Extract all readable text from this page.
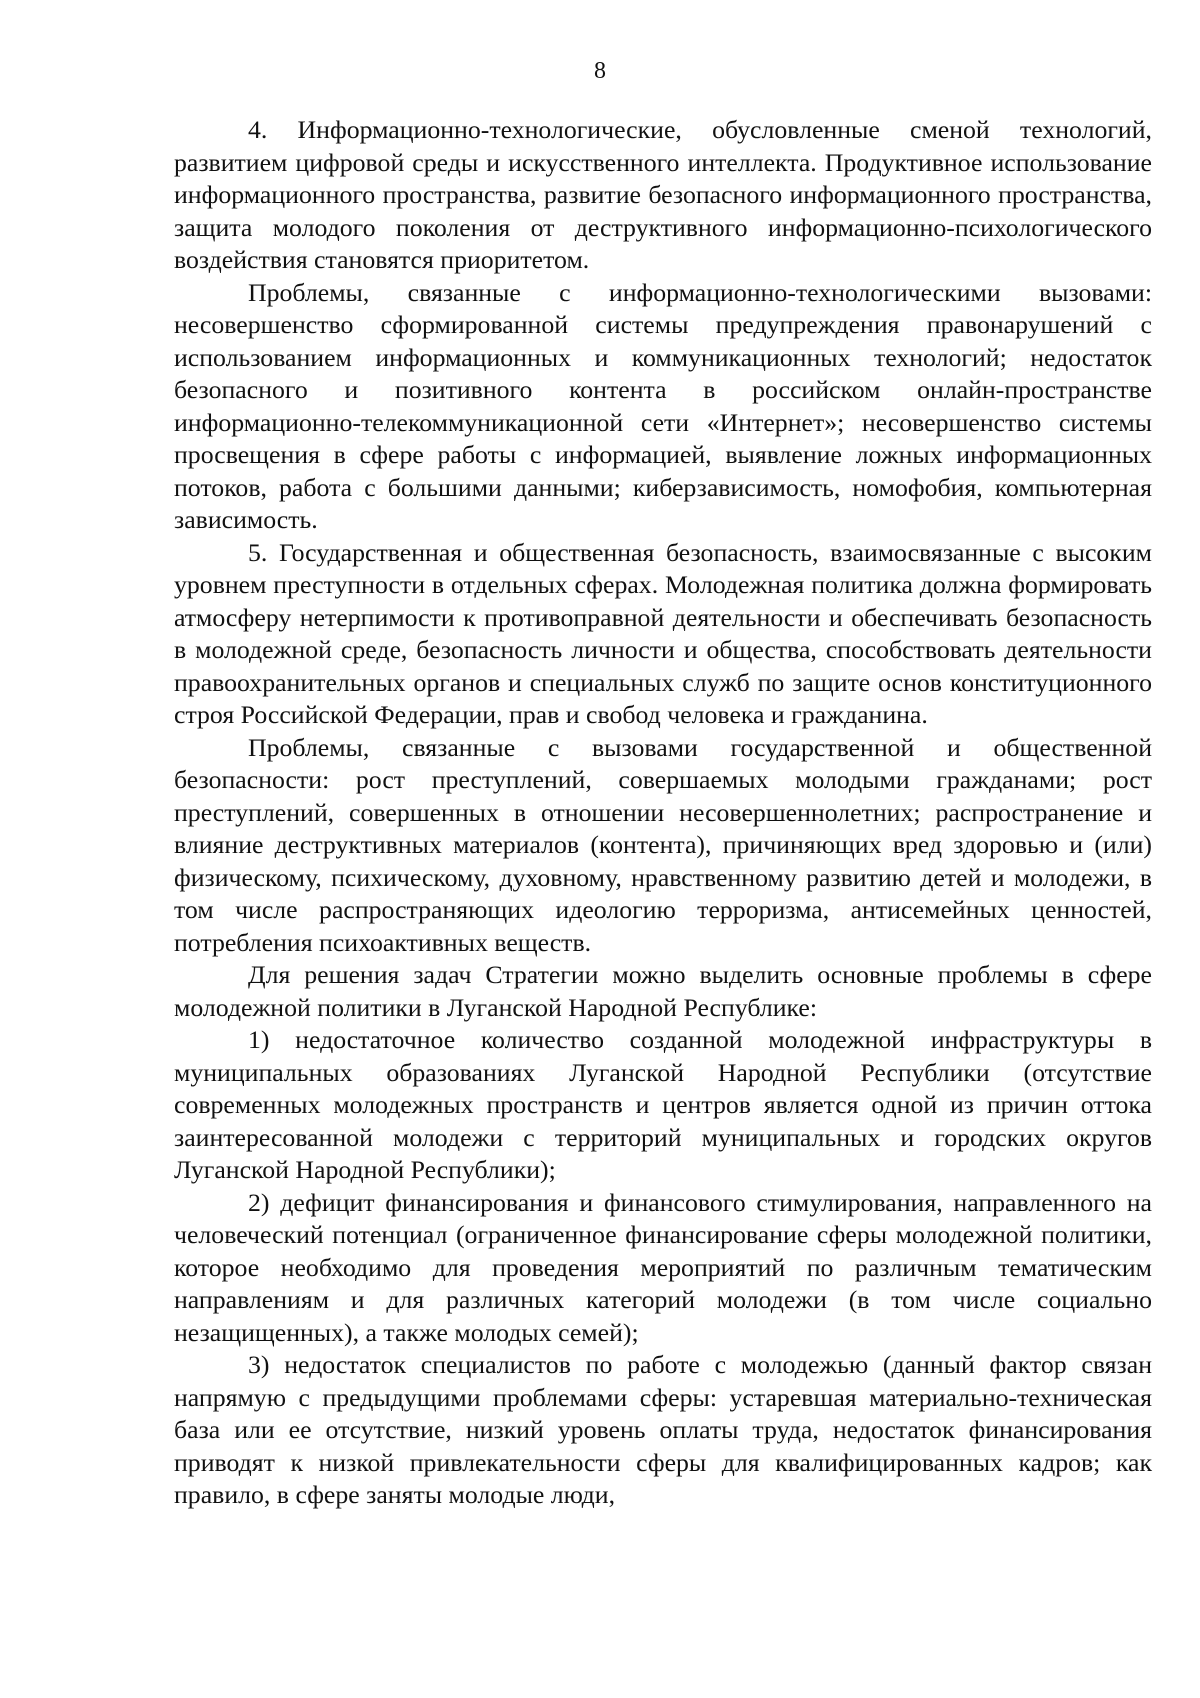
8

4. Информационно-технологические, обусловленные сменой технологий, развитием цифровой среды и искусственного интеллекта. Продуктивное использование информационного пространства, развитие безопасного информационного пространства, защита молодого поколения от деструктивного информационно-психологического воздействия становятся приоритетом.

Проблемы, связанные с информационно-технологическими вызовами: несовершенство сформированной системы предупреждения правонарушений с использованием информационных и коммуникационных технологий; недостаток безопасного и позитивного контента в российском онлайн-пространстве информационно-телекоммуникационной сети «Интернет»; несовершенство системы просвещения в сфере работы с информацией, выявление ложных информационных потоков, работа с большими данными; киберзависимость, номофобия, компьютерная зависимость.

5. Государственная и общественная безопасность, взаимосвязанные с высоким уровнем преступности в отдельных сферах. Молодежная политика должна формировать атмосферу нетерпимости к противоправной деятельности и обеспечивать безопасность в молодежной среде, безопасность личности и общества, способствовать деятельности правоохранительных органов и специальных служб по защите основ конституционного строя Российской Федерации, прав и свобод человека и гражданина.

Проблемы, связанные с вызовами государственной и общественной безопасности: рост преступлений, совершаемых молодыми гражданами; рост преступлений, совершенных в отношении несовершеннолетних; распространение и влияние деструктивных материалов (контента), причиняющих вред здоровью и (или) физическому, психическому, духовному, нравственному развитию детей и молодежи, в том числе распространяющих идеологию терроризма, антисемейных ценностей, потребления психоактивных веществ.

Для решения задач Стратегии можно выделить основные проблемы в сфере молодежной политики в Луганской Народной Республике:

1) недостаточное количество созданной молодежной инфраструктуры в муниципальных образованиях Луганской Народной Республики (отсутствие современных молодежных пространств и центров является одной из причин оттока заинтересованной молодежи с территорий муниципальных и городских округов Луганской Народной Республики);

2) дефицит финансирования и финансового стимулирования, направленного на человеческий потенциал (ограниченное финансирование сферы молодежной политики, которое необходимо для проведения мероприятий по различным тематическим направлениям и для различных категорий молодежи (в том числе социально незащищенных), а также молодых семей);

3) недостаток специалистов по работе с молодежью (данный фактор связан напрямую с предыдущими проблемами сферы: устаревшая материально-техническая база или ее отсутствие, низкий уровень оплаты труда, недостаток финансирования приводят к низкой привлекательности сферы для квалифицированных кадров; как правило, в сфере заняты молодые люди,
